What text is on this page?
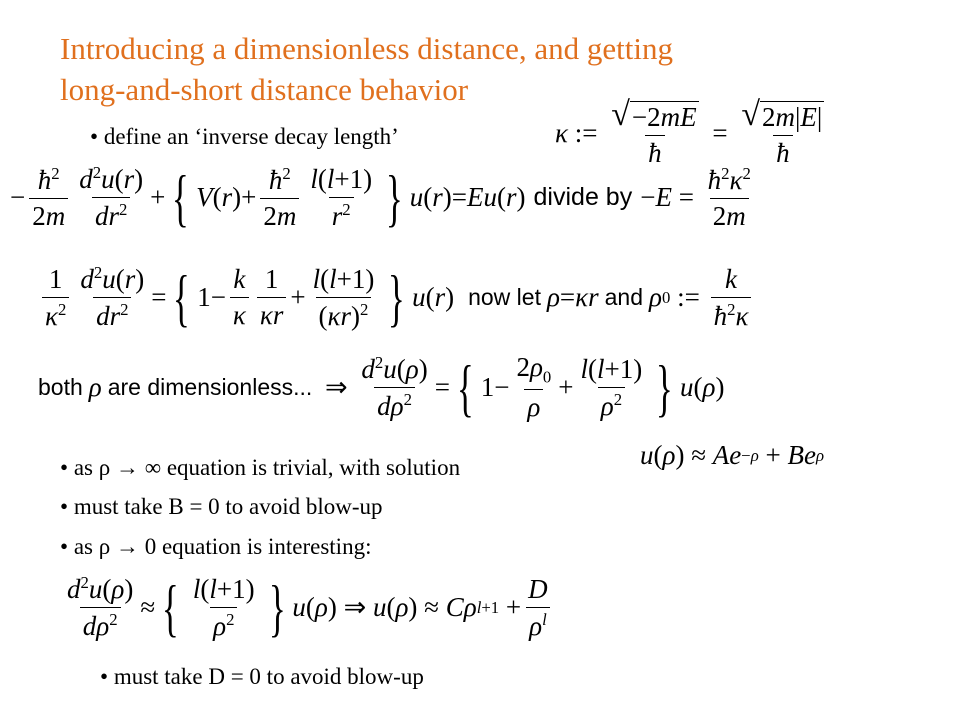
Introducing a dimensionless distance, and getting
long-and-short distance behavior
• define an ‘inverse decay length’	κ := $\frac{√ -2mE}{ħ} = \frac{√ 2m|E|}{ħ}$
− $\frac{ħ^2}{2m} \frac{d^2u(r)}{dr^2}$ + { V ( r )+ $\frac{ħ^2}{2m} \frac{l(l+1)}{r^2}$ } u ( r )= Eu ( r ) divide by − $E = \frac{ħ^2\kappa^2}{2m}$
$\frac{1}{\kappa^2} \frac{d^2u(r)}{dr^2}$ = { $1- \frac{k}{\kappa} \frac{1}{\kappa r} + \frac{l(l+1)}{(\kappa r)^2}$ } u ( r ) now let ρ = κr and ρ 0 := $\frac{k}{ħ^2\kappa}$
both ρ are dimensionless... ⇒ $\frac{d^2u(\rho)}{d\rho^2}$ = { $1- \frac{2\rho_0}{\rho} + \frac{l(l+1)}{\rho^2}$ } u ( ρ )
• as ρ → ∞ equation is trivial, with solution	u ( ρ ) ≈ Ae −ρ + Be ρ
• must take B = 0 to avoid blow-up
• as ρ → 0 equation is interesting:
$\frac{d^2u(\rho)}{d\rho^2}$ ≈ { $\frac{l(l+1)}{\rho^2}$ } u ( ρ ) ⇒ u ( ρ ) ≈ Cρ $l+1 + \frac{D}{\rho^l}$
• must take D = 0 to avoid blow-up
